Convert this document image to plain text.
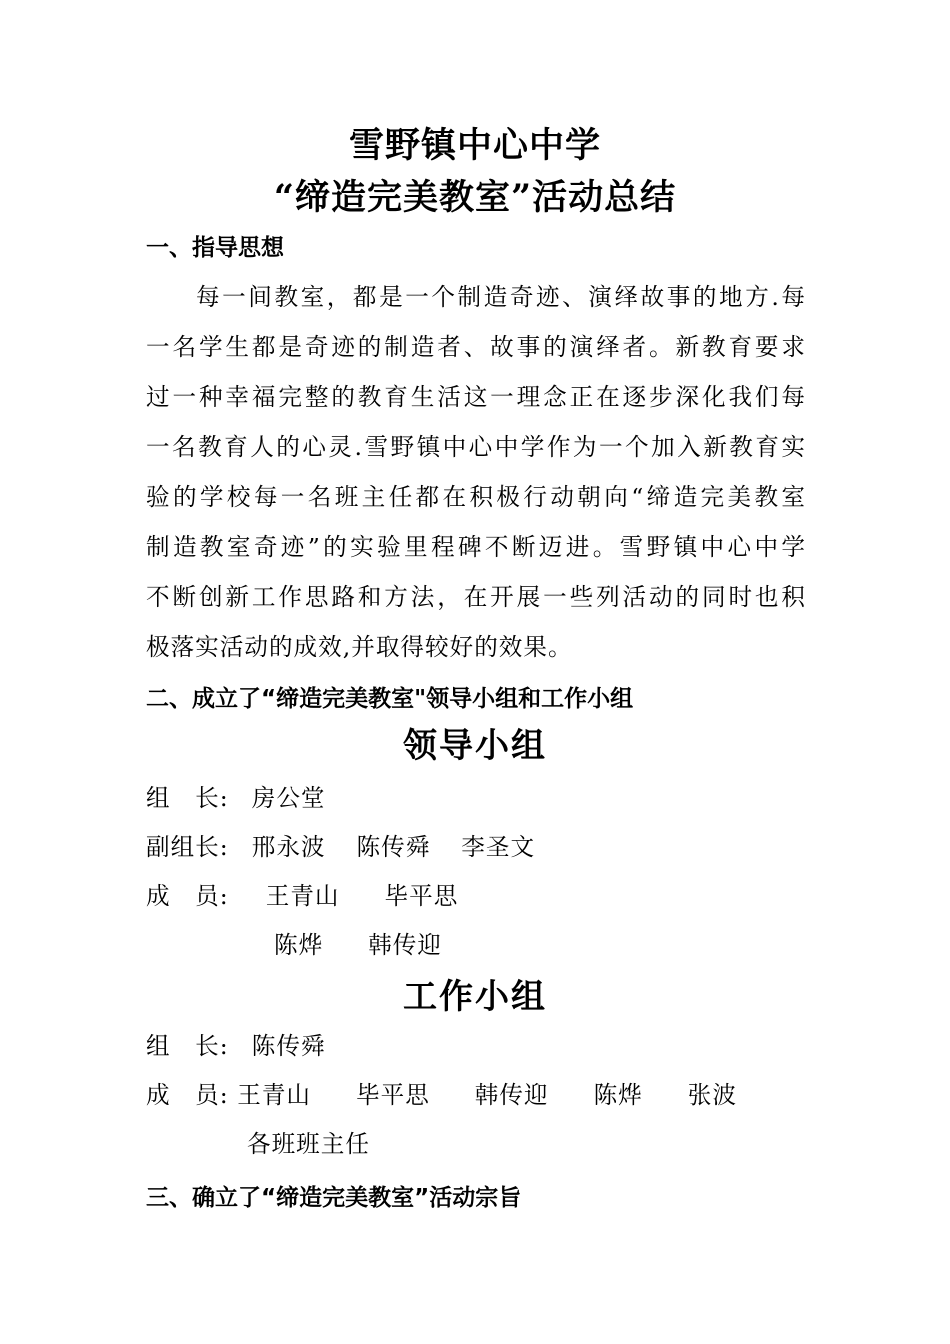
雪野镇中心中学
“缔造完美教室”活动总结
一、指导思想
每一间教室，都是一个制造奇迹、演绎故事的地方.每
一名学生都是奇迹的制造者、故事的演绎者。新教育要求
过一种幸福完整的教育生活这一理念正在逐步深化我们每
一名教育人的心灵.雪野镇中心中学作为一个加入新教育实
验的学校每一名班主任都在积极行动朝向“缔造完美教室
制造教室奇迹”的实验里程碑不断迈进。雪野镇中心中学
不断创新工作思路和方法，在开展一些列活动的同时也积
极落实活动的成效,并取得较好的效果。
二、成立了“缔造完美教室"领导小组和工作小组
领导小组
组　长: 房公堂
副组长: 邢永波 陈传舜 李圣文
成　员: 王青山 毕平思
陈烨 韩传迎
工作小组
组　长: 陈传舜
成　员: 王青山 毕平思 韩传迎 陈烨 张波
各班班主任
三、确立了“缔造完美教室”活动宗旨
